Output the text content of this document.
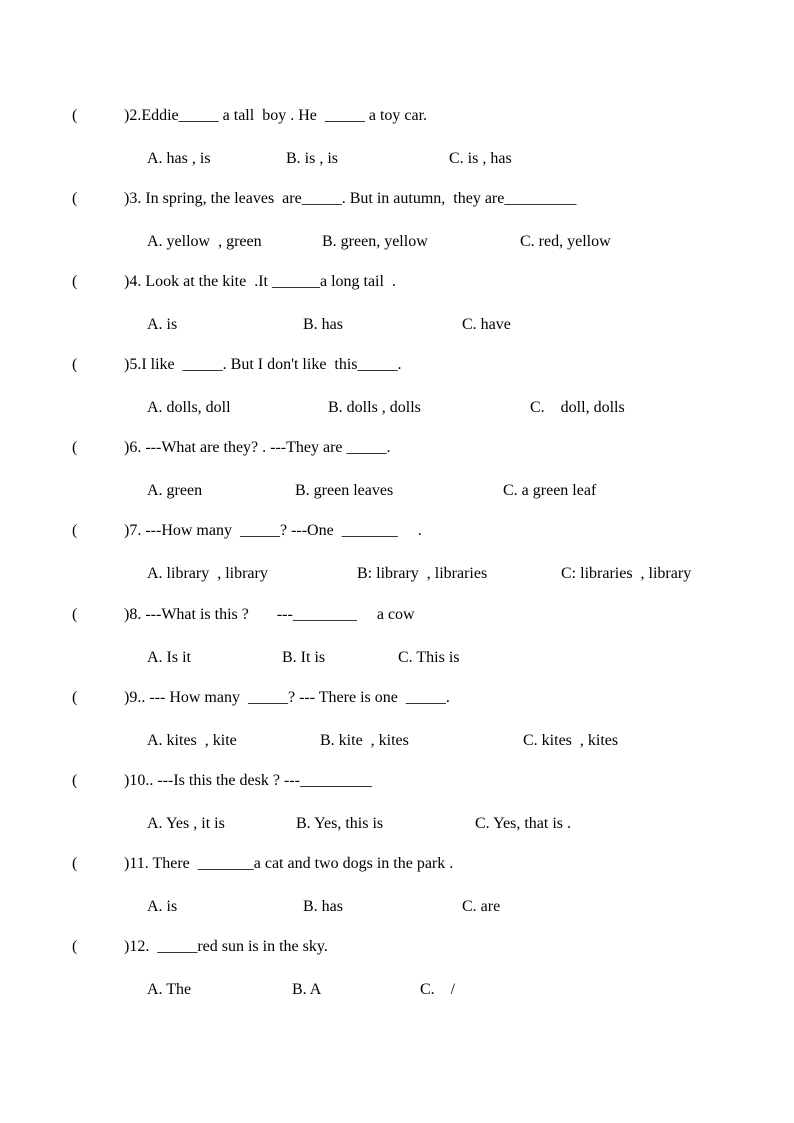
(	)2.Eddie_____ a tall  boy . He  _____ a toy car.
A. has , is	B. is , is	C. is , has
(	)3. In spring, the leaves  are_____. But in autumn,  they are_________
A. yellow  , green	B. green, yellow	C. red, yellow
(	)4. Look at the kite  .It ______a long tail  .
A. is	B. has	C. have
(	)5.I like  _____. But I don't like  this_____.
A. dolls, doll	B. dolls , dolls	C.    doll, dolls
(	)6. ---What are they? . ---They are _____.
A. green	B. green leaves	C. a green leaf
(	)7. ---How many  _____? ---One  _______     .
A. library  , library	B: library  , libraries	C: libraries  , library
(	)8. ---What is this ?       ---________     a cow
A. Is it	B. It is	C. This is
(	)9.. --- How many  _____? --- There is one  _____.
A. kites  , kite	B. kite  , kites	C. kites  , kites
(	)10.. ---Is this the desk ? ---_________
A. Yes , it is	B. Yes, this is	C. Yes, that is .
(	)11. There  _______a cat and two dogs in the park .
A. is	B. has	C. are
(	)12.  _____red sun is in the sky.
A. The	B. A	C.    /
